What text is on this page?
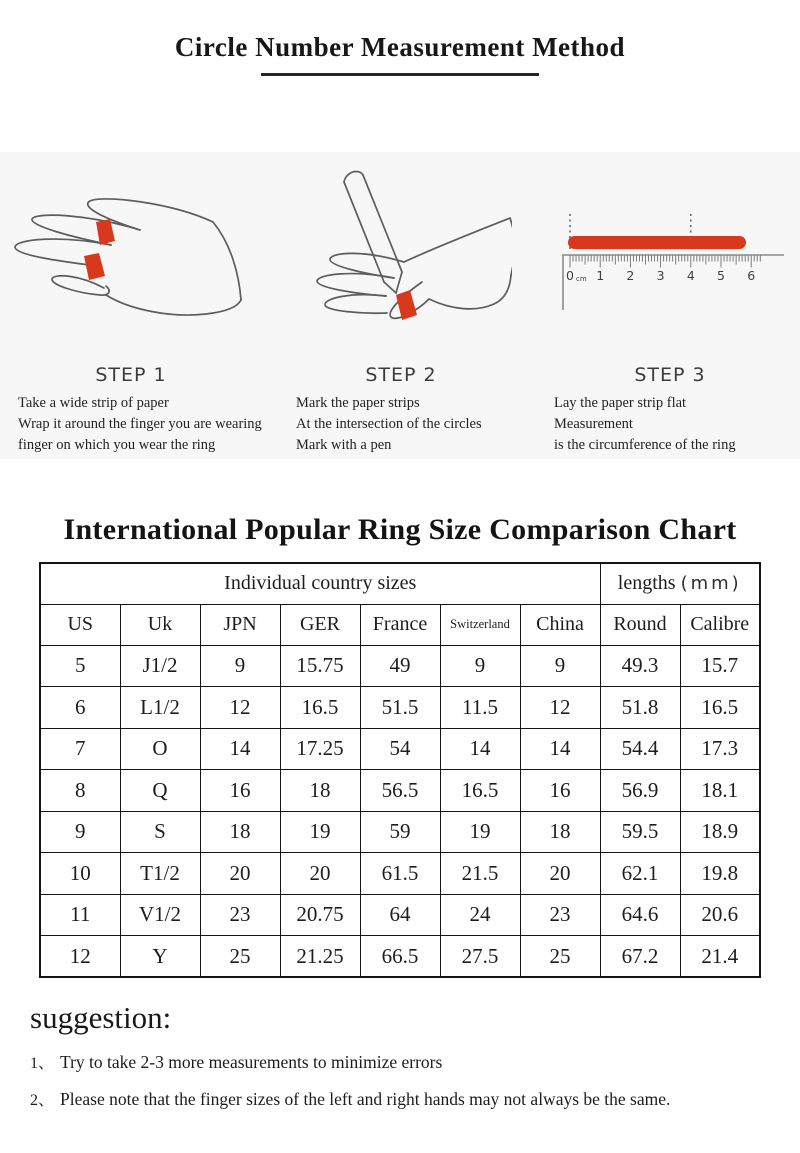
Circle Number Measurement Method
STEP 1
Take a wide strip of paper
Wrap it around the finger you are wearing
finger on which you wear the ring
STEP 2
Mark the paper strips
At the intersection of the circles
Mark with a pen
0 cm 1 2 3 4 5 6
STEP 3
Lay the paper strip flat
Measurement
is the circumference of the ring
International Popular Ring Size Comparison Chart
Individual country sizes							lengths (mm)	
US	Uk	JPN	GER	France	Switzerland	China	Round	Calibre
5	J1/2	9	15.75	49	9	9	49.3	15.7
6	L1/2	12	16.5	51.5	11.5	12	51.8	16.5
7	O	14	17.25	54	14	14	54.4	17.3
8	Q	16	18	56.5	16.5	16	56.9	18.1
9	S	18	19	59	19	18	59.5	18.9
10	T1/2	20	20	61.5	21.5	20	62.1	19.8
11	V1/2	23	20.75	64	24	23	64.6	20.6
12	Y	25	21.25	66.5	27.5	25	67.2	21.4
suggestion:
1、 Try to take 2-3 more measurements to minimize errors
2、 Please note that the finger sizes of the left and right hands may not always be the same.
